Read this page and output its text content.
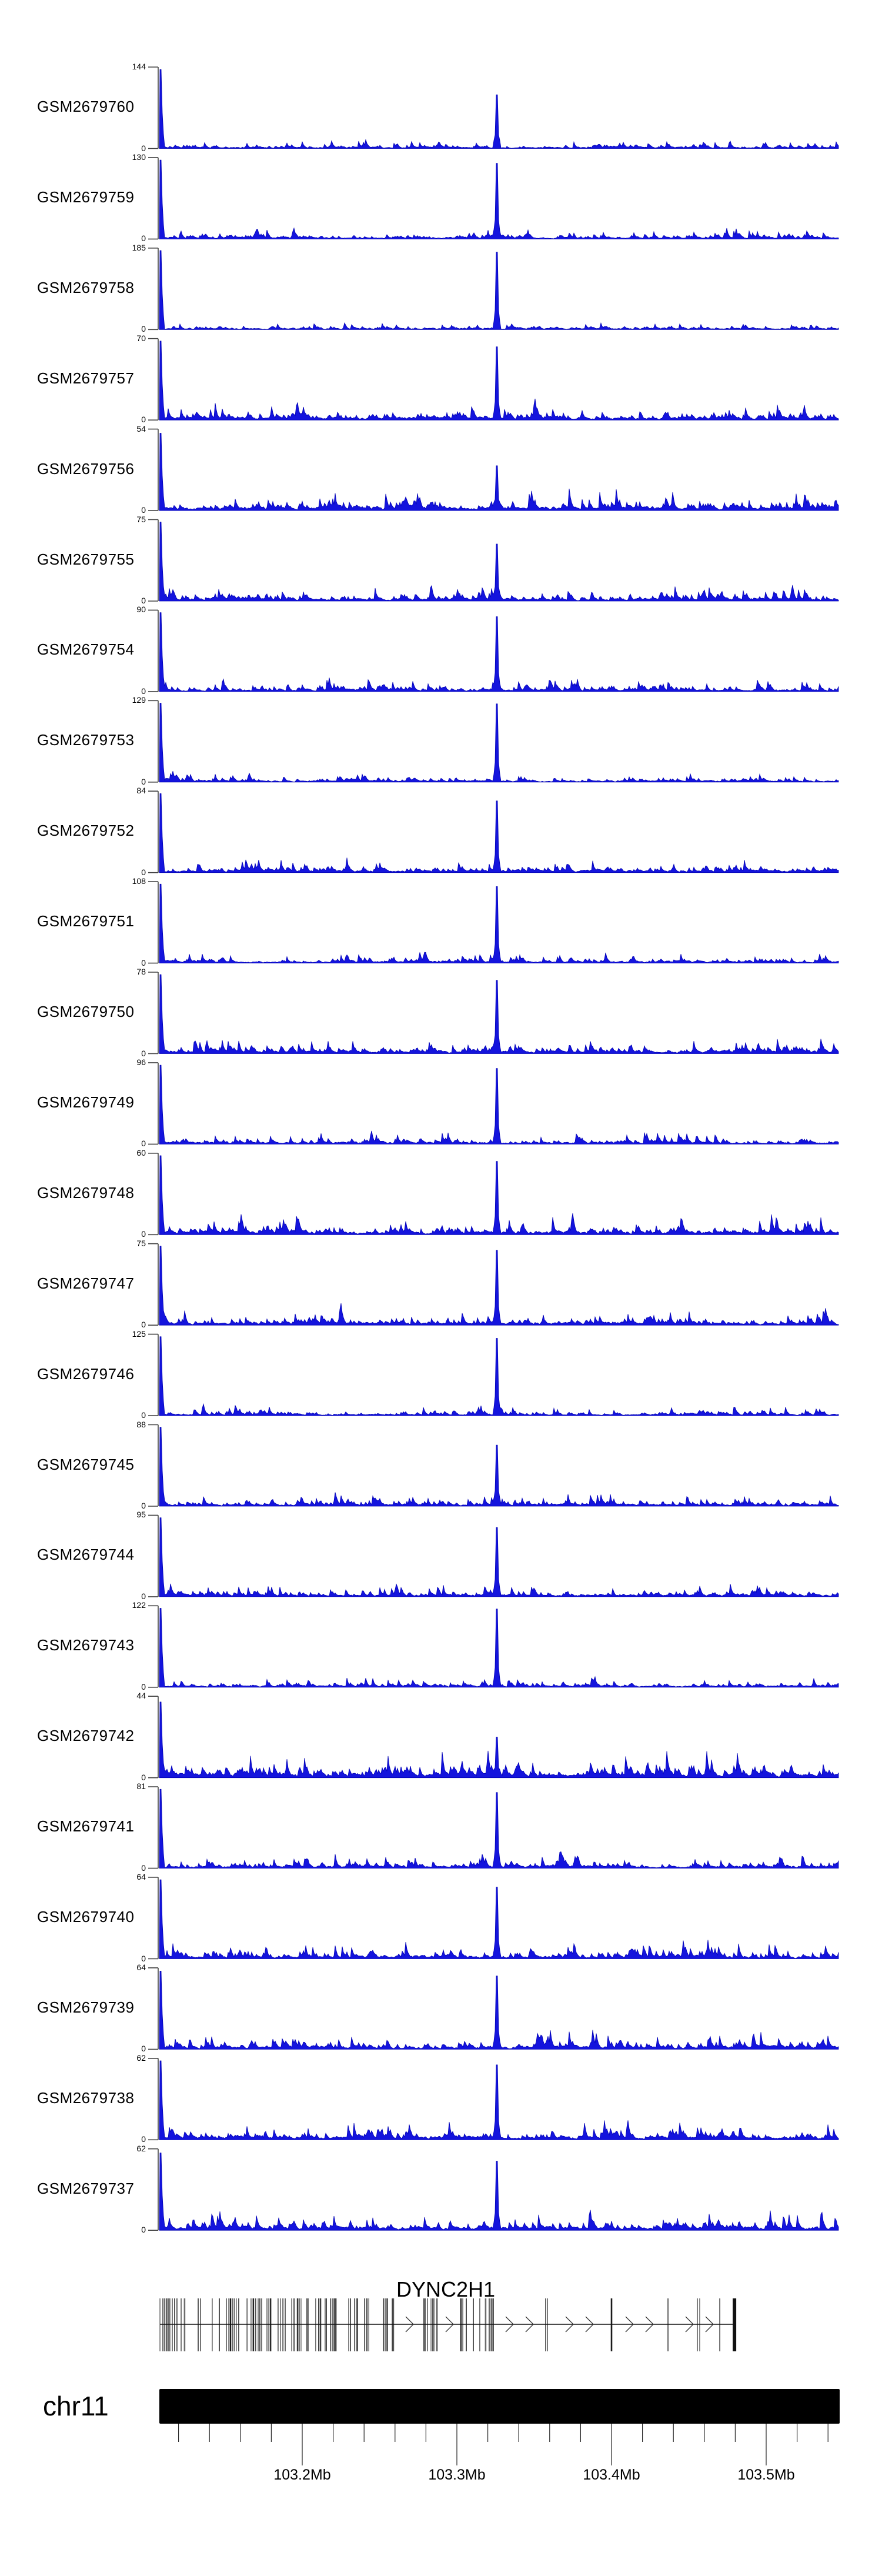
GSM2679760
144
0
GSM2679759
130
0
GSM2679758
185
0
GSM2679757
70
0
GSM2679756
54
0
GSM2679755
75
0
GSM2679754
90
0
GSM2679753
129
0
GSM2679752
84
0
GSM2679751
108
0
GSM2679750
78
0
GSM2679749
96
0
GSM2679748
60
0
GSM2679747
75
0
GSM2679746
125
0
GSM2679745
88
0
GSM2679744
95
0
GSM2679743
122
0
GSM2679742
44
0
GSM2679741
81
0
GSM2679740
64
0
GSM2679739
64
0
GSM2679738
62
0
GSM2679737
62
0
103.2Mb	103.3Mb	103.4Mb	103.5Mb
DYNC2H1
chr11
